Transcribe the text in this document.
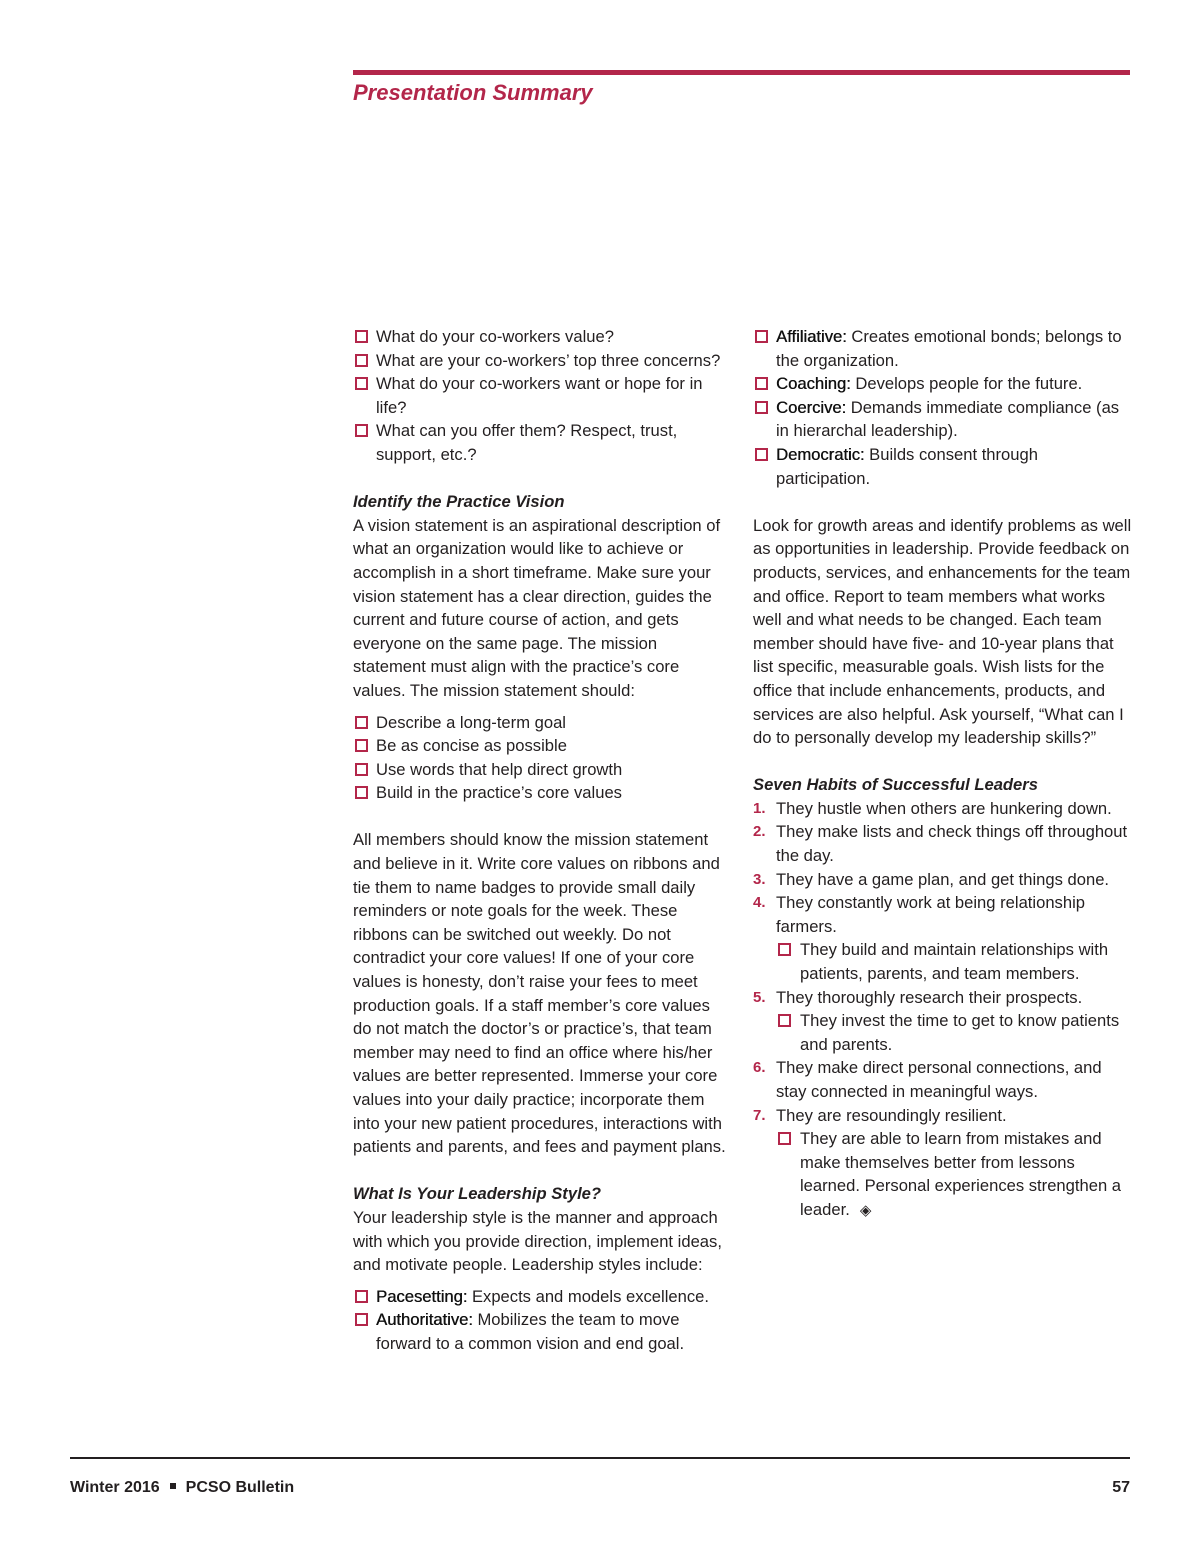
Presentation Summary
What do your co-workers value?
What are your co-workers’ top three concerns?
What do your co-workers want or hope for in life?
What can you offer them? Respect, trust, support, etc.?

Identify the Practice Vision

A vision statement is an aspirational description of what an organization would like to achieve or accomplish in a short timeframe. Make sure your vision statement has a clear direction, guides the current and future course of action, and gets everyone on the same page. The mission statement must align with the practice’s core values. The mission statement should:

Describe a long-term goal
Be as concise as possible
Use words that help direct growth
Build in the practice’s core values

All members should know the mission statement and believe in it. Write core values on ribbons and tie them to name badges to provide small daily reminders or note goals for the week. These ribbons can be switched out weekly. Do not contradict your core values! If one of your core values is honesty, don’t raise your fees to meet production goals. If a staff member’s core values do not match the doctor’s or practice’s, that team member may need to find an office where his/her values are better represented. Immerse your core values into your daily practice; incorporate them into your new patient procedures, interactions with patients and parents, and fees and payment plans.

What Is Your Leadership Style?

Your leadership style is the manner and approach with which you provide direction, implement ideas, and motivate people. Leadership styles include:

Pacesetting: Expects and models excellence.
Authoritative: Mobilizes the team to move forward to a common vision and end goal.
Affiliative: Creates emotional bonds; belongs to the organization.
Coaching: Develops people for the future.
Coercive: Demands immediate compliance (as in hierarchal leadership).
Democratic: Builds consent through participation.

Look for growth areas and identify problems as well as opportunities in leadership. Provide feedback on products, services, and enhancements for the team and office. Report to team members what works well and what needs to be changed. Each team member should have five- and 10-year plans that list specific, measurable goals. Wish lists for the office that include enhancements, products, and services are also helpful. Ask yourself, “What can I do to personally develop my leadership skills?”

Seven Habits of Successful Leaders

1. They hustle when others are hunkering down.
2. They make lists and check things off throughout the day.
3. They have a game plan, and get things done.
4. They constantly work at being relationship farmers.
They build and maintain relationships with patients, parents, and team members.
5. They thoroughly research their prospects.
They invest the time to get to know patients and parents.
6. They make direct personal connections, and stay connected in meaningful ways.
7. They are resoundingly resilient.
They are able to learn from mistakes and make themselves better from lessons learned. Personal experiences strengthen a leader. ◈
Winter 2016 PCSO Bulletin	57
